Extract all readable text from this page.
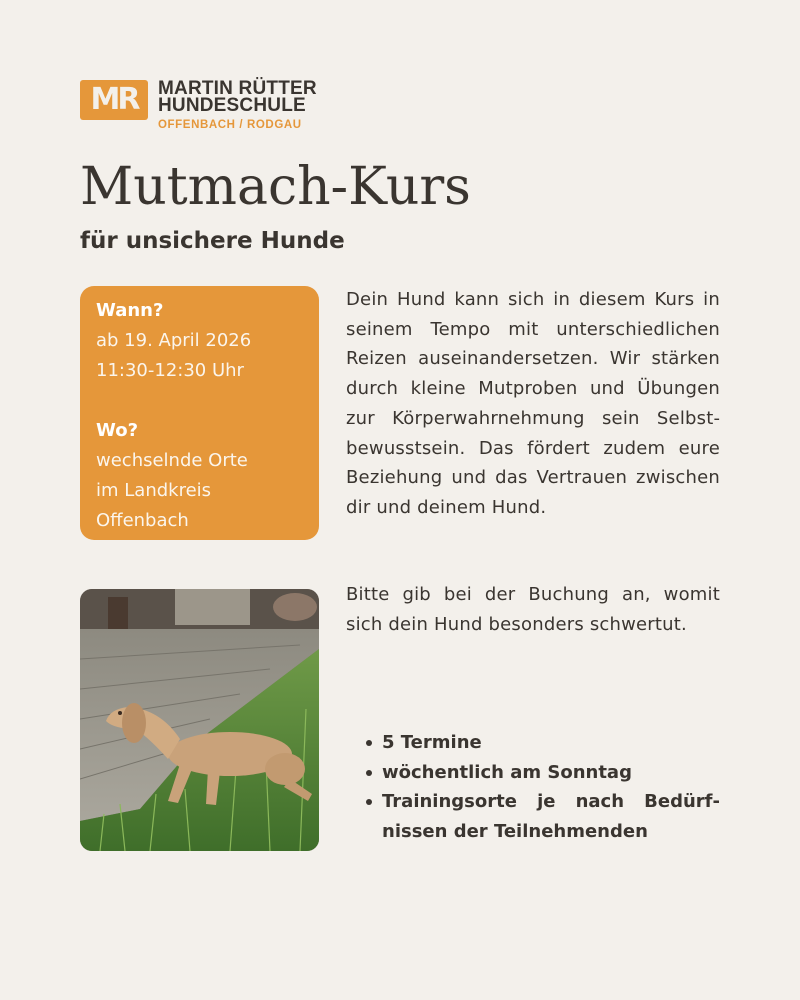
MR	MARTIN RÜTTER
HUNDESCHULE
OFFENBACH / RODGAU
Mutmach-Kurs
für unsichere Hunde
Wann?
ab 19. April 2026
11:30-12:30 Uhr
Wo?
wechselnde Orte
im Landkreis
Offenbach

Dein Hund kann sich in diesem Kurs in seinem Tempo mit unterschiedlichen Reizen auseinandersetzen. Wir stärken durch kleine Mutproben und Übungen zur Körperwahrnehmung sein Selbstbewusstsein. Das fördert zudem eure Beziehung und das Vertrauen zwischen dir und deinem Hund.

Bitte gib bei der Buchung an, womit sich dein Hund besonders schwertut.

5 Termine
wöchentlich am Sonntag
Trainingsorte je nach Bedürfnissen der Teilnehmenden
